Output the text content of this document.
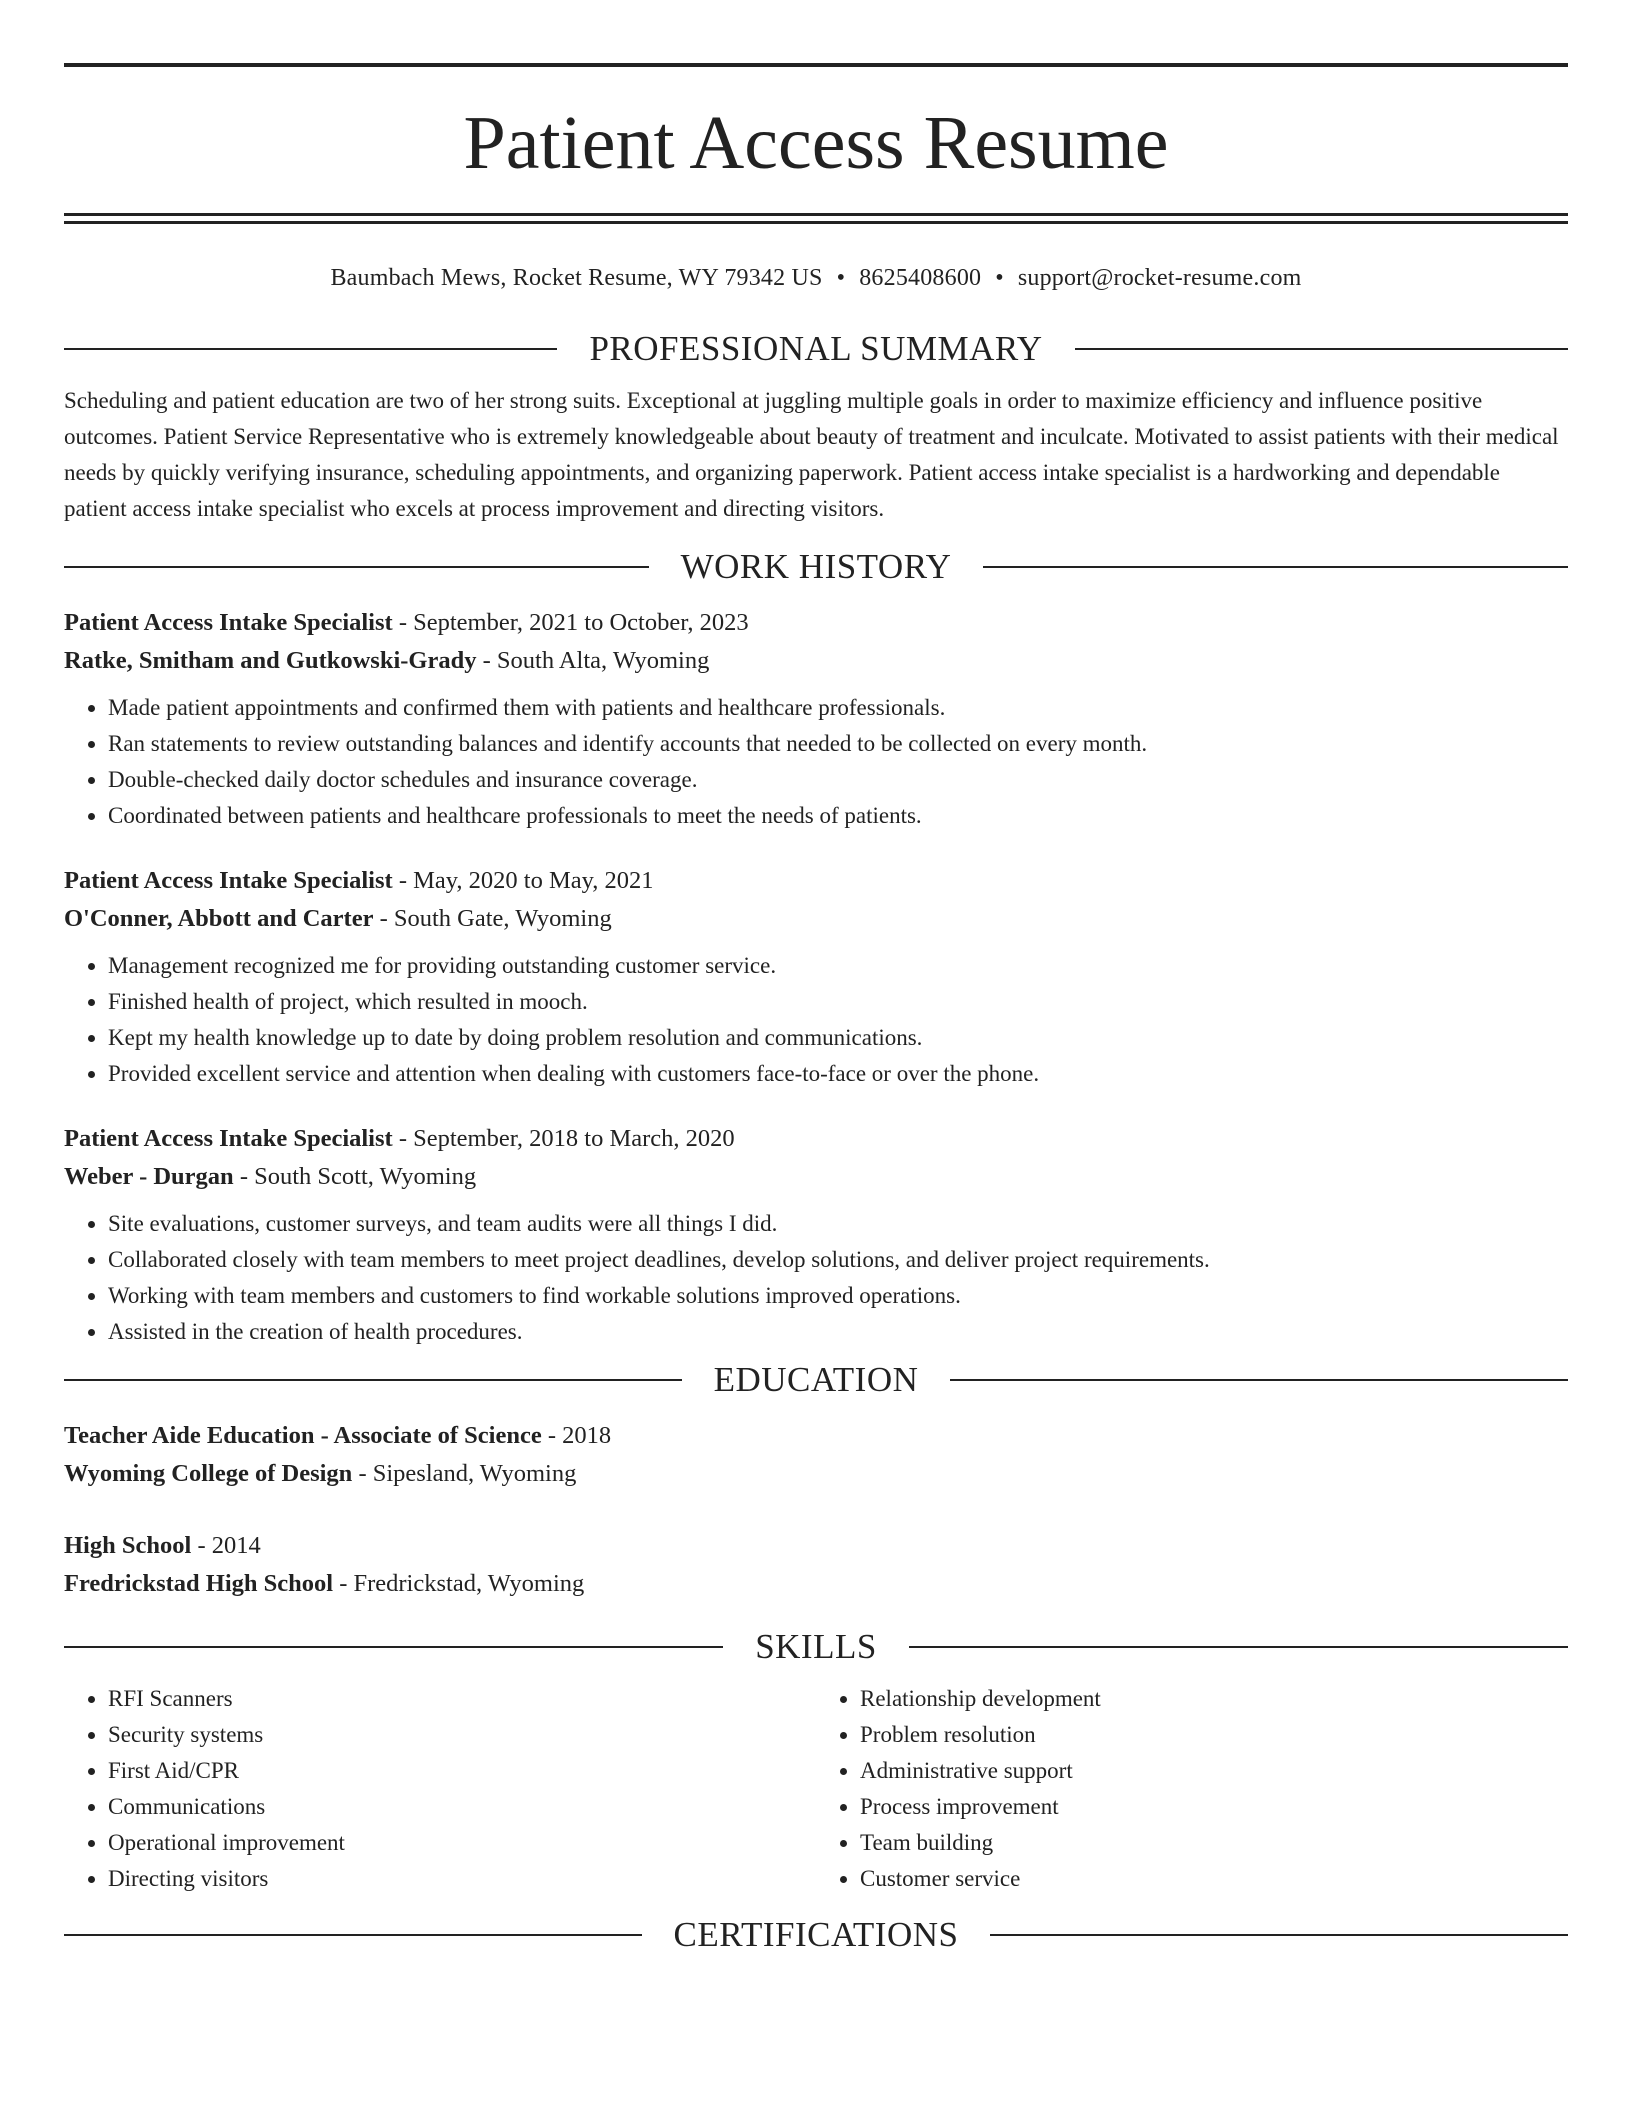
Patient Access Resume
Baumbach Mews, Rocket Resume, WY 79342 US • 8625408600 • support@rocket-resume.com
PROFESSIONAL SUMMARY

Scheduling and patient education are two of her strong suits. Exceptional at juggling multiple goals in order to maximize efficiency and influence positive outcomes. Patient Service Representative who is extremely knowledgeable about beauty of treatment and inculcate. Motivated to assist patients with their medical needs by quickly verifying insurance, scheduling appointments, and organizing paperwork. Patient access intake specialist is a hardworking and dependable patient access intake specialist who excels at process improvement and directing visitors.

WORK HISTORY

Patient Access Intake Specialist - September, 2021 to October, 2023

Ratke, Smitham and Gutkowski-Grady - South Alta, Wyoming

• Made patient appointments and confirmed them with patients and healthcare professionals.
• Ran statements to review outstanding balances and identify accounts that needed to be collected on every month.
• Double-checked daily doctor schedules and insurance coverage.
• Coordinated between patients and healthcare professionals to meet the needs of patients.

Patient Access Intake Specialist - May, 2020 to May, 2021

O'Conner, Abbott and Carter - South Gate, Wyoming

• Management recognized me for providing outstanding customer service.
• Finished health of project, which resulted in mooch.
• Kept my health knowledge up to date by doing problem resolution and communications.
• Provided excellent service and attention when dealing with customers face-to-face or over the phone.

Patient Access Intake Specialist - September, 2018 to March, 2020

Weber - Durgan - South Scott, Wyoming

• Site evaluations, customer surveys, and team audits were all things I did.
• Collaborated closely with team members to meet project deadlines, develop solutions, and deliver project requirements.
• Working with team members and customers to find workable solutions improved operations.
• Assisted in the creation of health procedures.
EDUCATION

Teacher Aide Education - Associate of Science - 2018

Wyoming College of Design - Sipesland, Wyoming

High School - 2014

Fredrickstad High School - Fredrickstad, Wyoming

SKILLS
• RFI Scanners
• Security systems
• First Aid/CPR
• Communications
• Operational improvement
• Directing visitors
• Relationship development
• Problem resolution
• Administrative support
• Process improvement
• Team building
• Customer service
CERTIFICATIONS
